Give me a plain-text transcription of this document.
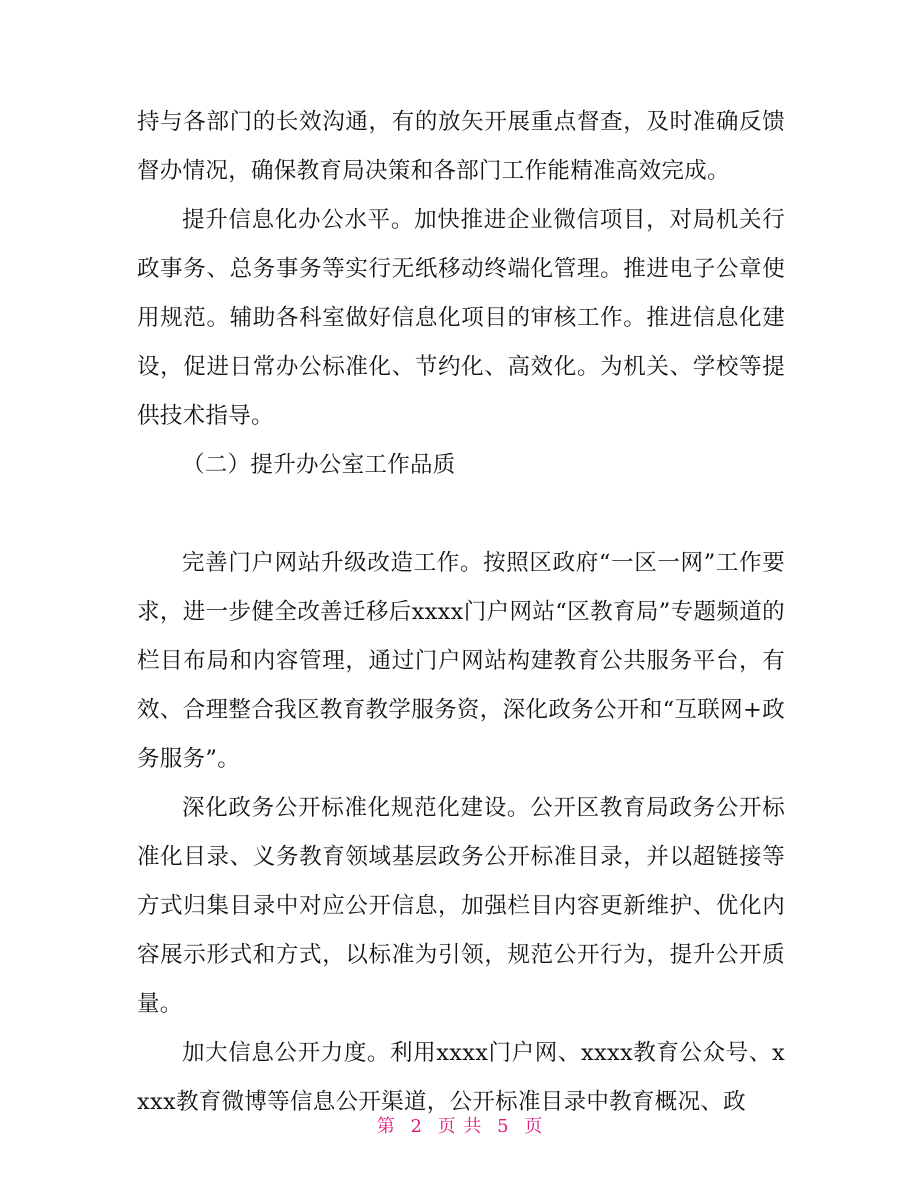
持与各部门的长效沟通，有的放矢开展重点督查，及时准确反馈督办情况，确保教育局决策和各部门工作能精准高效完成。

提升信息化办公水平。加快推进企业微信项目，对局机关行政事务、总务事务等实行无纸移动终端化管理。推进电子公章使用规范。辅助各科室做好信息化项目的审核工作。推进信息化建设，促进日常办公标准化、节约化、高效化。为机关、学校等提供技术指导。

（二）提升办公室工作品质

完善门户网站升级改造工作。按照区政府“一区一网”工作要求，进一步健全改善迁移后xxxx门户网站“区教育局”专题频道的栏目布局和内容管理，通过门户网站构建教育公共服务平台，有效、合理整合我区教育教学服务资，深化政务公开和“互联网+政务服务”。

深化政务公开标准化规范化建设。公开区教育局政务公开标准化目录、义务教育领域基层政务公开标准目录，并以超链接等方式归集目录中对应公开信息，加强栏目内容更新维护、优化内容展示形式和方式，以标准为引领，规范公开行为，提升公开质量。

加大信息公开力度。利用xxxx门户网、xxxx教育公众号、xxxx教育微博等信息公开渠道，公开标准目录中教育概况、政

第 2 页 共 5 页
